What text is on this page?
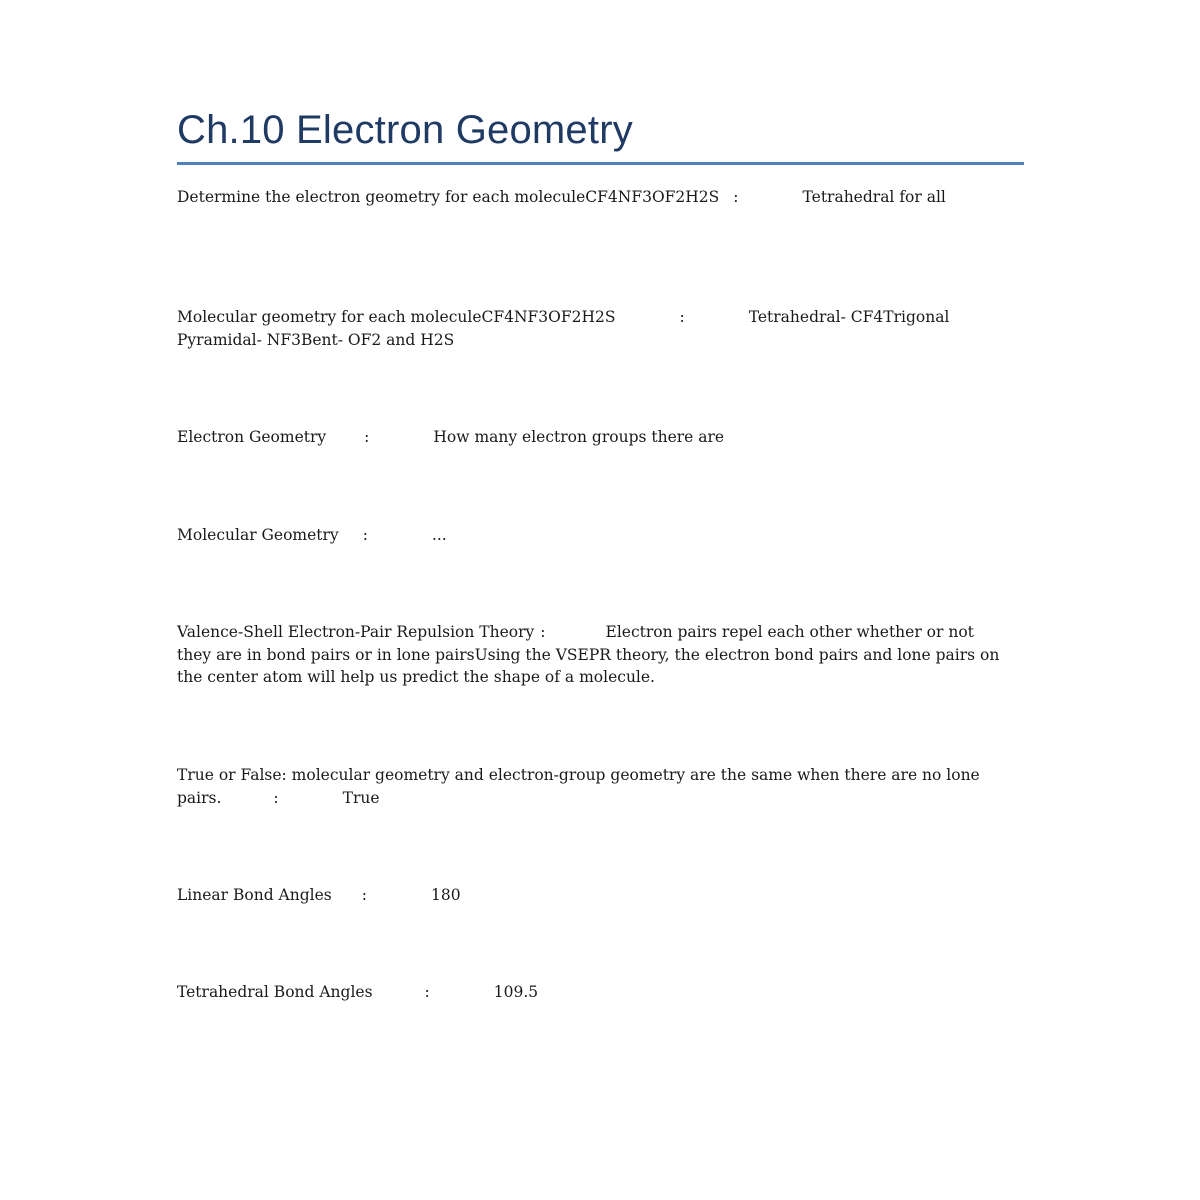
Ch.10 Electron Geometry
Determine the electron geometry for each moleculeCF4NF3OF2H2S :	Tetrahedral for all
Molecular geometry for each moleculeCF4NF3OF2H2S	:	Tetrahedral- CF4Trigonal Pyramidal- NF3Bent- OF2 and H2S
Electron Geometry :	How many electron groups there are
Molecular Geometry :	...
Valence-Shell Electron-Pair Repulsion Theory :	Electron pairs repel each other whether or not they are in bond pairs or in lone pairsUsing the VSEPR theory, the electron bond pairs and lone pairs on the center atom will help us predict the shape of a molecule.
True or False: molecular geometry and electron-group geometry are the same when there are no lone pairs.	:	True
Linear Bond Angles :	180
Tetrahedral Bond Angles	:	109.5
